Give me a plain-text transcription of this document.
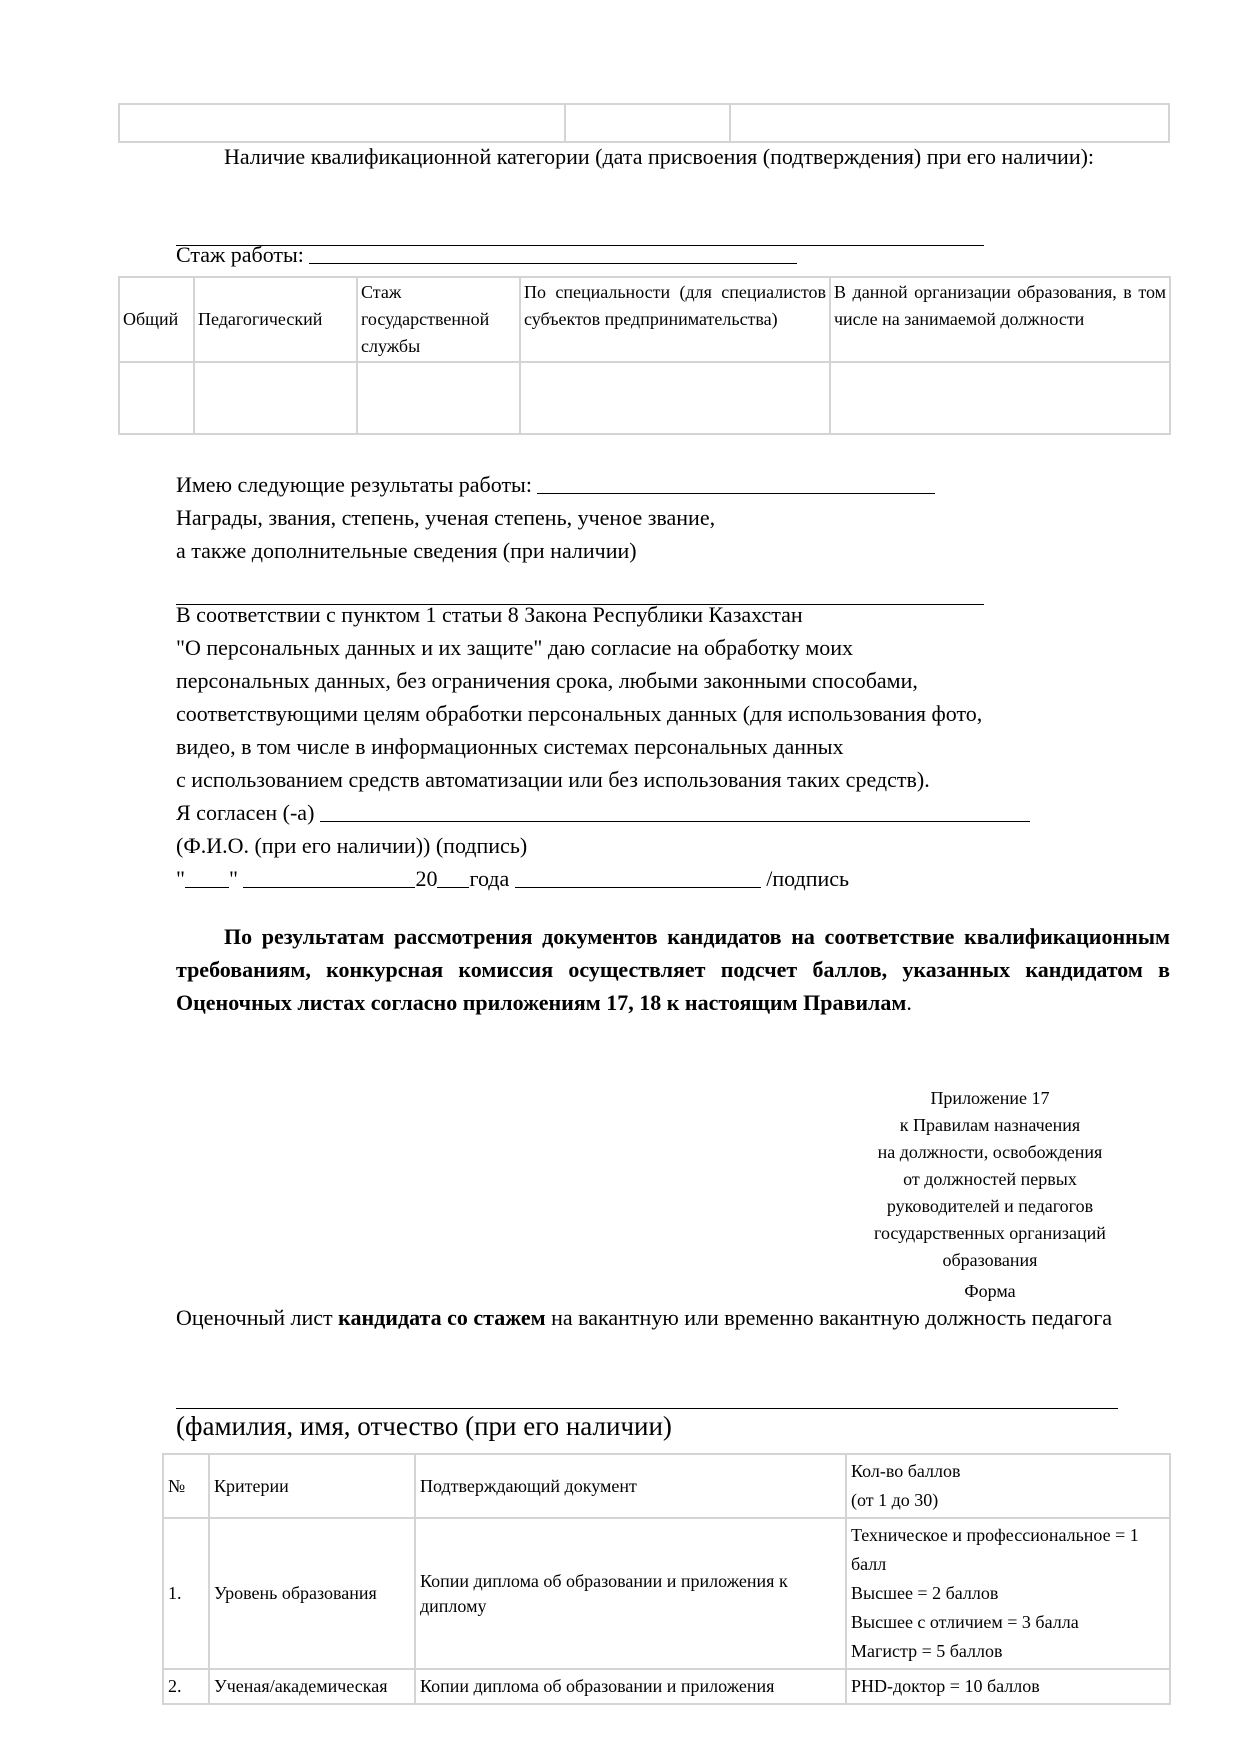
Наличие квалификационной категории (дата присвоения (подтверждения) при его наличии):
Стаж работы:
Общий	Педагогический	Стаж государственной службы	По специальности (для специалистов субъектов предпринимательства)	В данной организации образования, в том числе на занимаемой должности

Имею следующие результаты работы:
Награды, звания, степень, ученая степень, ученое звание,
а также дополнительные сведения (при наличии)
В соответствии с пунктом 1 статьи 8 Закона Республики Казахстан
"О персональных данных и их защите" даю согласие на обработку моих
персональных данных, без ограничения срока, любыми законными способами,
соответствующими целям обработки персональных данных (для использования фото,
видео, в том числе в информационных системах персональных данных
с использованием средств автоматизации или без использования таких средств).
Я согласен (-а)
(Ф.И.О. (при его наличии)) (подпись)
" "	20 года	/подпись
По результатам рассмотрения документов кандидатов на соответствие квалификационным требованиям, конкурсная комиссия осуществляет подсчет баллов, указанных кандидатом в Оценочных листах согласно приложениям 17, 18 к настоящим Правилам.
Приложение 17
к Правилам назначения
на должности, освобождения
от должностей первых
руководителей и педагогов
государственных организаций
образования
Форма
Оценочный лист кандидата со стажем на вакантную или временно вакантную должность педагога
(фамилия, имя, отчество (при его наличии)
№	Критерии	Подтверждающий документ	Кол-во баллов
(от 1 до 30)

1.	Уровень образования	Копии диплома об образовании и приложения к диплому	Техническое и профессиональное = 1 балл
Высшее = 2 баллов
Высшее с отличием = 3 балла
Магистр = 5 баллов

2.	Ученая/академическая	Копии диплома об образовании и приложения	PHD-доктор = 10 баллов
